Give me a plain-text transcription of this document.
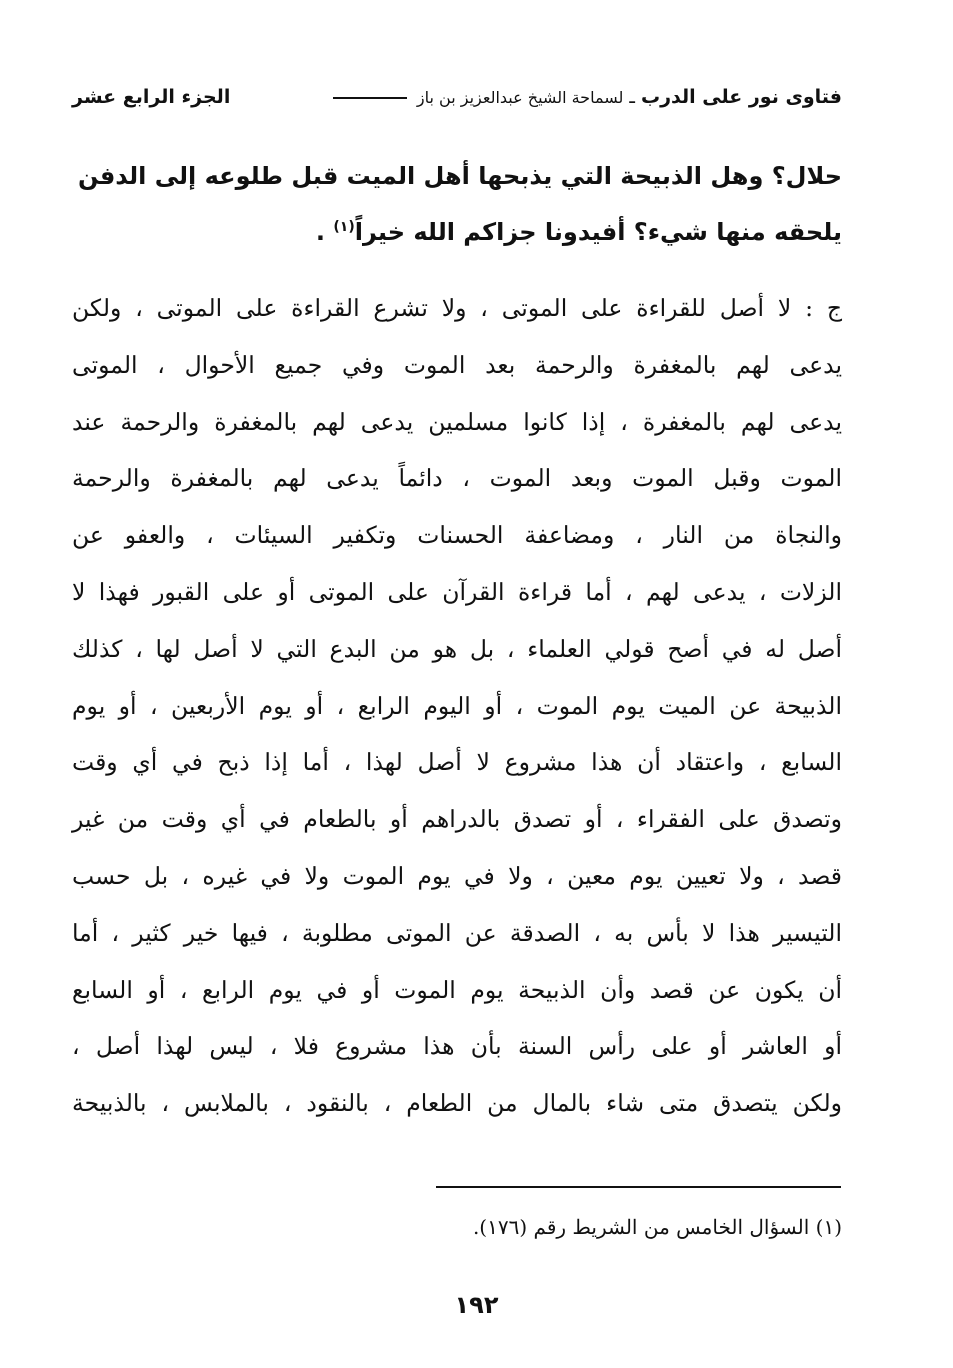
فتاوى نور على الدرب ـ لسماحة الشيخ عبدالعزيز بن باز
الجزء الرابع عشر
حلال؟ وهل الذبيحة التي يذبحها أهل الميت قبل طلوعه إلى الدفن
يلحقه منها شيء؟ أفيدونا جزاكم الله خيراً$^{(١)}$ .
ج : لا أصل للقراءة على الموتى ، ولا تشرع القراءة على الموتى ، ولكن
يدعى لهم بالمغفرة والرحمة بعد الموت وفي جميع الأحوال ، الموتى
يدعى لهم بالمغفرة ، إذا كانوا مسلمين يدعى لهم بالمغفرة والرحمة عند
الموت وقبل الموت وبعد الموت ، دائماً يدعى لهم بالمغفرة والرحمة
والنجاة من النار ، ومضاعفة الحسنات وتكفير السيئات ، والعفو عن
الزلات ، يدعى لهم ، أما قراءة القرآن على الموتى أو على القبور فهذا لا
أصل له في أصح قولي العلماء ، بل هو من البدع التي لا أصل لها ، كذلك
الذبيحة عن الميت يوم الموت ، أو اليوم الرابع ، أو يوم الأربعين ، أو يوم
السابع ، واعتقاد أن هذا مشروع لا أصل لهذا ، أما إذا ذبح في أي وقت
وتصدق على الفقراء ، أو تصدق بالدراهم أو بالطعام في أي وقت من غير
قصد ، ولا تعيين يوم معين ، ولا في يوم الموت ولا في غيره ، بل حسب
التيسير هذا لا بأس به ، الصدقة عن الموتى مطلوبة ، فيها خير كثير ، أما
أن يكون عن قصد وأن الذبيحة يوم الموت أو في يوم الرابع ، أو السابع
أو العاشر أو على رأس السنة بأن هذا مشروع فلا ، ليس لهذا أصل ،
ولكن يتصدق متى شاء بالمال من الطعام ، بالنقود ، بالملابس ، بالذبيحة
(١) السؤال الخامس من الشريط رقم (١٧٦).
١٩٢
